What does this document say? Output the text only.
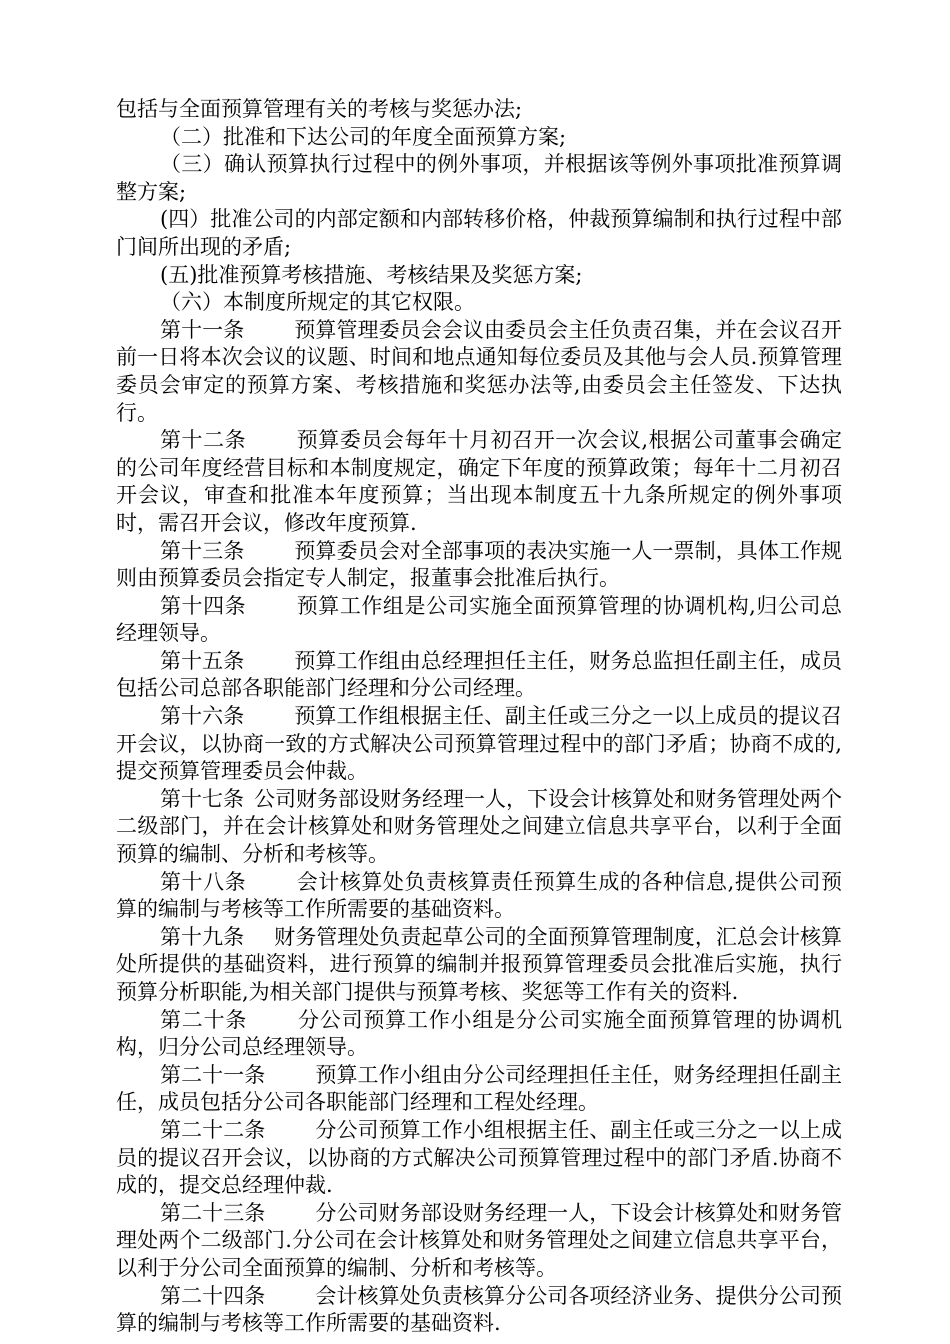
包括与全面预算管理有关的考核与奖惩办法;

（二）批准和下达公司的年度全面预算方案;

（三）确认预算执行过程中的例外事项，并根据该等例外事项批准预算调整方案;

(四）批准公司的内部定额和内部转移价格，仲裁预算编制和执行过程中部门间所出现的矛盾;

(五)批准预算考核措施、考核结果及奖惩方案;

（六）本制度所规定的其它权限。

第十一条 预算管理委员会会议由委员会主任负责召集，并在会议召开前一日将本次会议的议题、时间和地点通知每位委员及其他与会人员.预算管理委员会审定的预算方案、考核措施和奖惩办法等,由委员会主任签发、下达执行。

第十二条 预算委员会每年十月初召开一次会议,根据公司董事会确定的公司年度经营目标和本制度规定，确定下年度的预算政策；每年十二月初召开会议，审查和批准本年度预算；当出现本制度五十九条所规定的例外事项时，需召开会议，修改年度预算.

第十三条 预算委员会对全部事项的表决实施一人一票制，具体工作规则由预算委员会指定专人制定，报董事会批准后执行。

第十四条 预算工作组是公司实施全面预算管理的协调机构,归公司总经理领导。

第十五条 预算工作组由总经理担任主任，财务总监担任副主任，成员包括公司总部各职能部门经理和分公司经理。

第十六条 预算工作组根据主任、副主任或三分之一以上成员的提议召开会议，以协商一致的方式解决公司预算管理过程中的部门矛盾；协商不成的,提交预算管理委员会仲裁。

第十七条 公司财务部设财务经理一人，下设会计核算处和财务管理处两个二级部门，并在会计核算处和财务管理处之间建立信息共享平台，以利于全面预算的编制、分析和考核等。

第十八条 会计核算处负责核算责任预算生成的各种信息,提供公司预算的编制与考核等工作所需要的基础资料。

第十九条 财务管理处负责起草公司的全面预算管理制度，汇总会计核算处所提供的基础资料，进行预算的编制并报预算管理委员会批准后实施，执行预算分析职能,为相关部门提供与预算考核、奖惩等工作有关的资料.

第二十条 分公司预算工作小组是分公司实施全面预算管理的协调机构，归分公司总经理领导。

第二十一条 预算工作小组由分公司经理担任主任，财务经理担任副主任，成员包括分公司各职能部门经理和工程处经理。

第二十二条 分公司预算工作小组根据主任、副主任或三分之一以上成员的提议召开会议，以协商的方式解决公司预算管理过程中的部门矛盾.协商不成的，提交总经理仲裁.

第二十三条 分公司财务部设财务经理一人，下设会计核算处和财务管理处两个二级部门.分公司在会计核算处和财务管理处之间建立信息共享平台，以利于分公司全面预算的编制、分析和考核等。

第二十四条 会计核算处负责核算分公司各项经济业务、提供分公司预算的编制与考核等工作所需要的基础资料.
